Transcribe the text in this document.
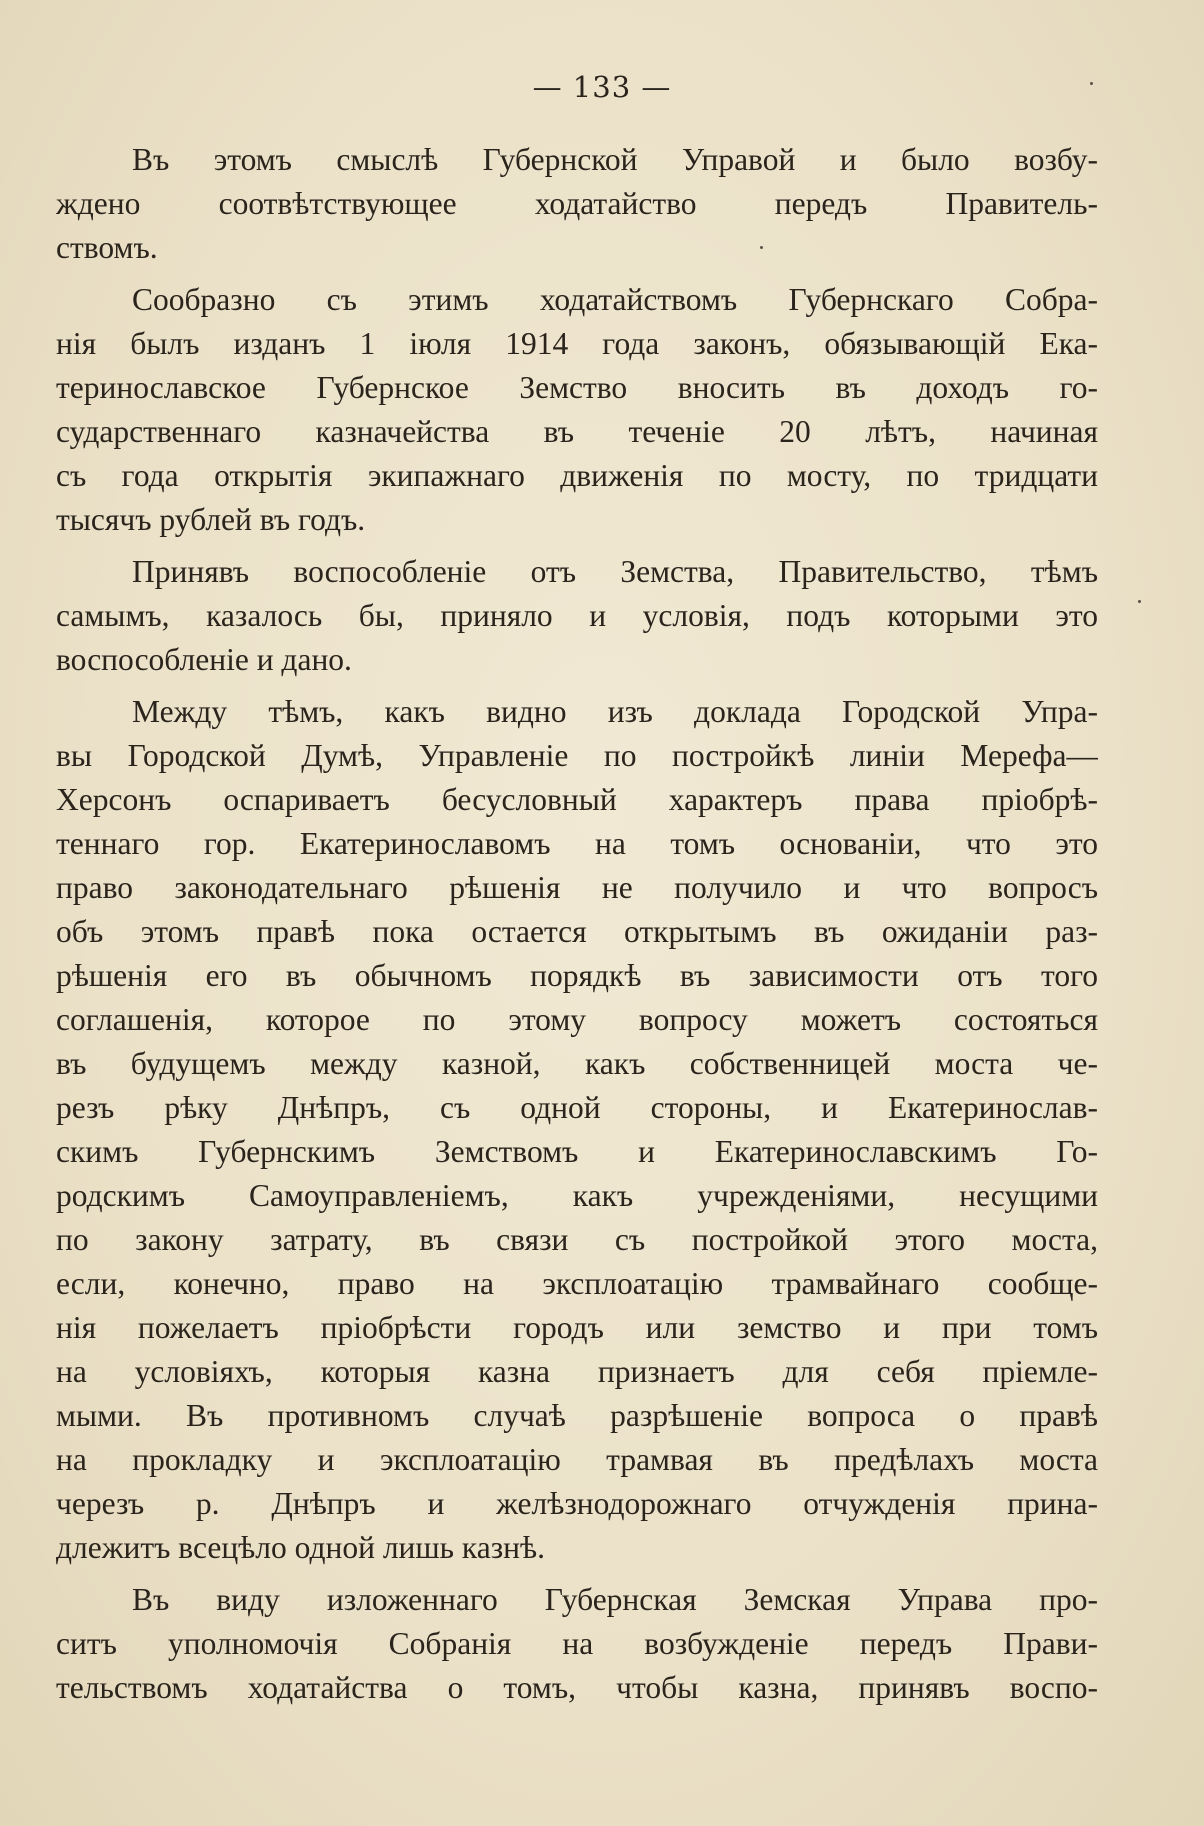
— 133 —
Въ этомъ смыслѣ Губернской Управой и было возбу-
ждено соотвѣтствующее ходатайство передъ Правитель-
ствомъ.
Сообразно съ этимъ ходатайствомъ Губернскаго Собра-
нія былъ изданъ 1 іюля 1914 года законъ, обязывающій Ека-
теринославское Губернское Земство вносить въ доходъ го-
сударственнаго казначейства въ теченіе 20 лѣтъ, начиная
съ года открытія экипажнаго движенія по мосту, по тридцати
тысячъ рублей въ годъ.
Принявъ воспособленіе отъ Земства, Правительство, тѣмъ
самымъ, казалось бы, приняло и условія, подъ которыми это
воспособленіе и дано.
Между тѣмъ, какъ видно изъ доклада Городской Упра-
вы Городской Думѣ, Управленіе по постройкѣ линіи Мерефа—
Херсонъ оспариваетъ бесусловный характеръ права пріобрѣ-
теннаго гор. Екатеринославомъ на томъ основаніи, что это
право законодательнаго рѣшенія не получило и что вопросъ
объ этомъ правѣ пока остается открытымъ въ ожиданіи раз-
рѣшенія его въ обычномъ порядкѣ въ зависимости отъ того
соглашенія, которое по этому вопросу можетъ состояться
въ будущемъ между казной, какъ собственницей моста че-
резъ рѣку Днѣпръ, съ одной стороны, и Екатеринослав-
скимъ Губернскимъ Земствомъ и Екатеринославскимъ Го-
родскимъ Самоуправленіемъ, какъ учрежденіями, несущими
по закону затрату, въ связи съ постройкой этого моста,
если, конечно, право на эксплоатацію трамвайнаго сообще-
нія пожелаетъ пріобрѣсти городъ или земство и при томъ
на условіяхъ, которыя казна признаетъ для себя пріемле-
мыми. Въ противномъ случаѣ разрѣшеніе вопроса о правѣ
на прокладку и эксплоатацію трамвая въ предѣлахъ моста
черезъ р. Днѣпръ и желѣзнодорожнаго отчужденія прина-
длежитъ всецѣло одной лишь казнѣ.
Въ виду изложеннаго Губернская Земская Управа про-
ситъ уполномочія Собранія на возбужденіе передъ Прави-
тельствомъ ходатайства о томъ, чтобы казна, принявъ воспо-
